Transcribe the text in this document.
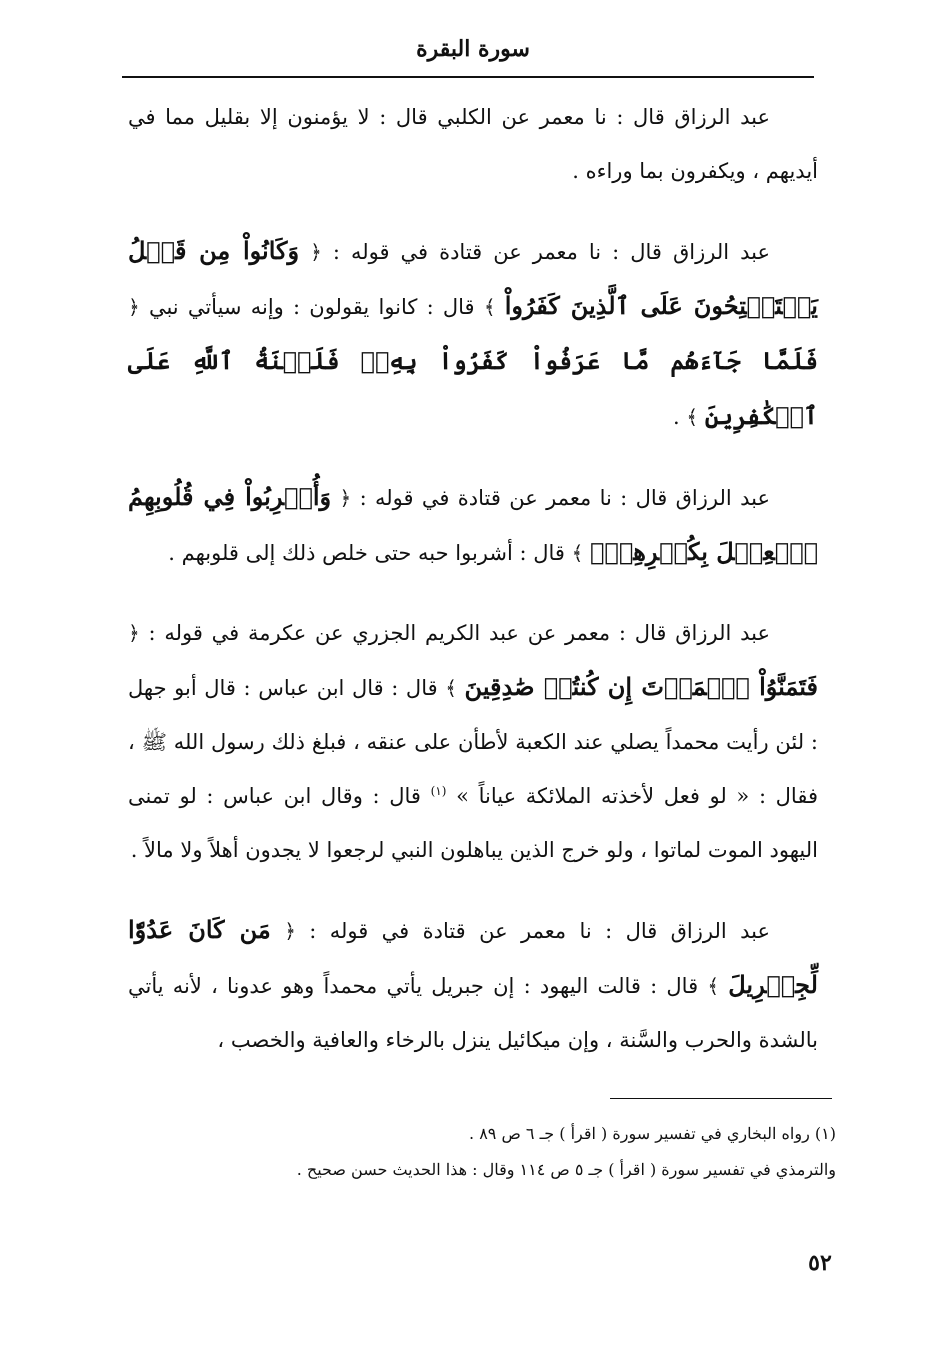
سورة البقرة

عبد الرزاق قال : نا معمر عن الكلبي قال : لا يؤمنون إلا بقليل مما في أيديهم ، ويكفرون بما وراءه .

عبد الرزاق قال : نا معمر عن قتادة في قوله : ﴿ وَكَانُواْ مِن قَبۡلُ يَسۡتَفۡتِحُونَ عَلَى ٱلَّذِينَ كَفَرُواْ ﴾ قال : كانوا يقولون : وإنه سيأتي نبي ﴿ فَلَمَّا جَآءَهُم مَّا عَرَفُواْ كَفَرُواْ بِهِۦۚ فَلَعۡنَةُ ٱللَّهِ عَلَى ٱلۡكَٰفِرِينَ ﴾ .

عبد الرزاق قال : نا معمر عن قتادة في قوله : ﴿ وَأُشۡرِبُواْ فِي قُلُوبِهِمُ ٱلۡعِجۡلَ بِكُفۡرِهِمۡۚ ﴾ قال : أشربوا حبه حتى خلص ذلك إلى قلوبهم .

عبد الرزاق قال : معمر عن عبد الكريم الجزري عن عكرمة في قوله : ﴿ فَتَمَنَّوُاْ ٱلۡمَوۡتَ إِن كُنتُمۡ صَٰدِقِينَ ﴾ قال : قال ابن عباس : قال أبو جهل : لئن رأيت محمداً يصلي عند الكعبة لأطأن على عنقه ، فبلغ ذلك رسول الله ﷺ ، فقال : « لو فعل لأخذته الملائكة عياناً » $^{(١)}$ قال : وقال ابن عباس : لو تمنى اليهود الموت لماتوا ، ولو خرج الذين يباهلون النبي لرجعوا لا يجدون أهلاً ولا مالاً .

عبد الرزاق قال : نا معمر عن قتادة في قوله : ﴿ مَن كَانَ عَدُوّٗا لِّجِبۡرِيلَ ﴾ قال : قالت اليهود : إن جبريل يأتي محمداً وهو عدونا ، لأنه يأتي بالشدة والحرب والسَّنة ، وإن ميكائيل ينزل بالرخاء والعافية والخصب ،

(١) رواه البخاري في تفسير سورة ( اقرأ ) جـ ٦ ص ٨٩ .

والترمذي في تفسير سورة ( اقرأ ) جـ ٥ ص ١١٤ وقال : هذا الحديث حسن صحيح .

٥٢
